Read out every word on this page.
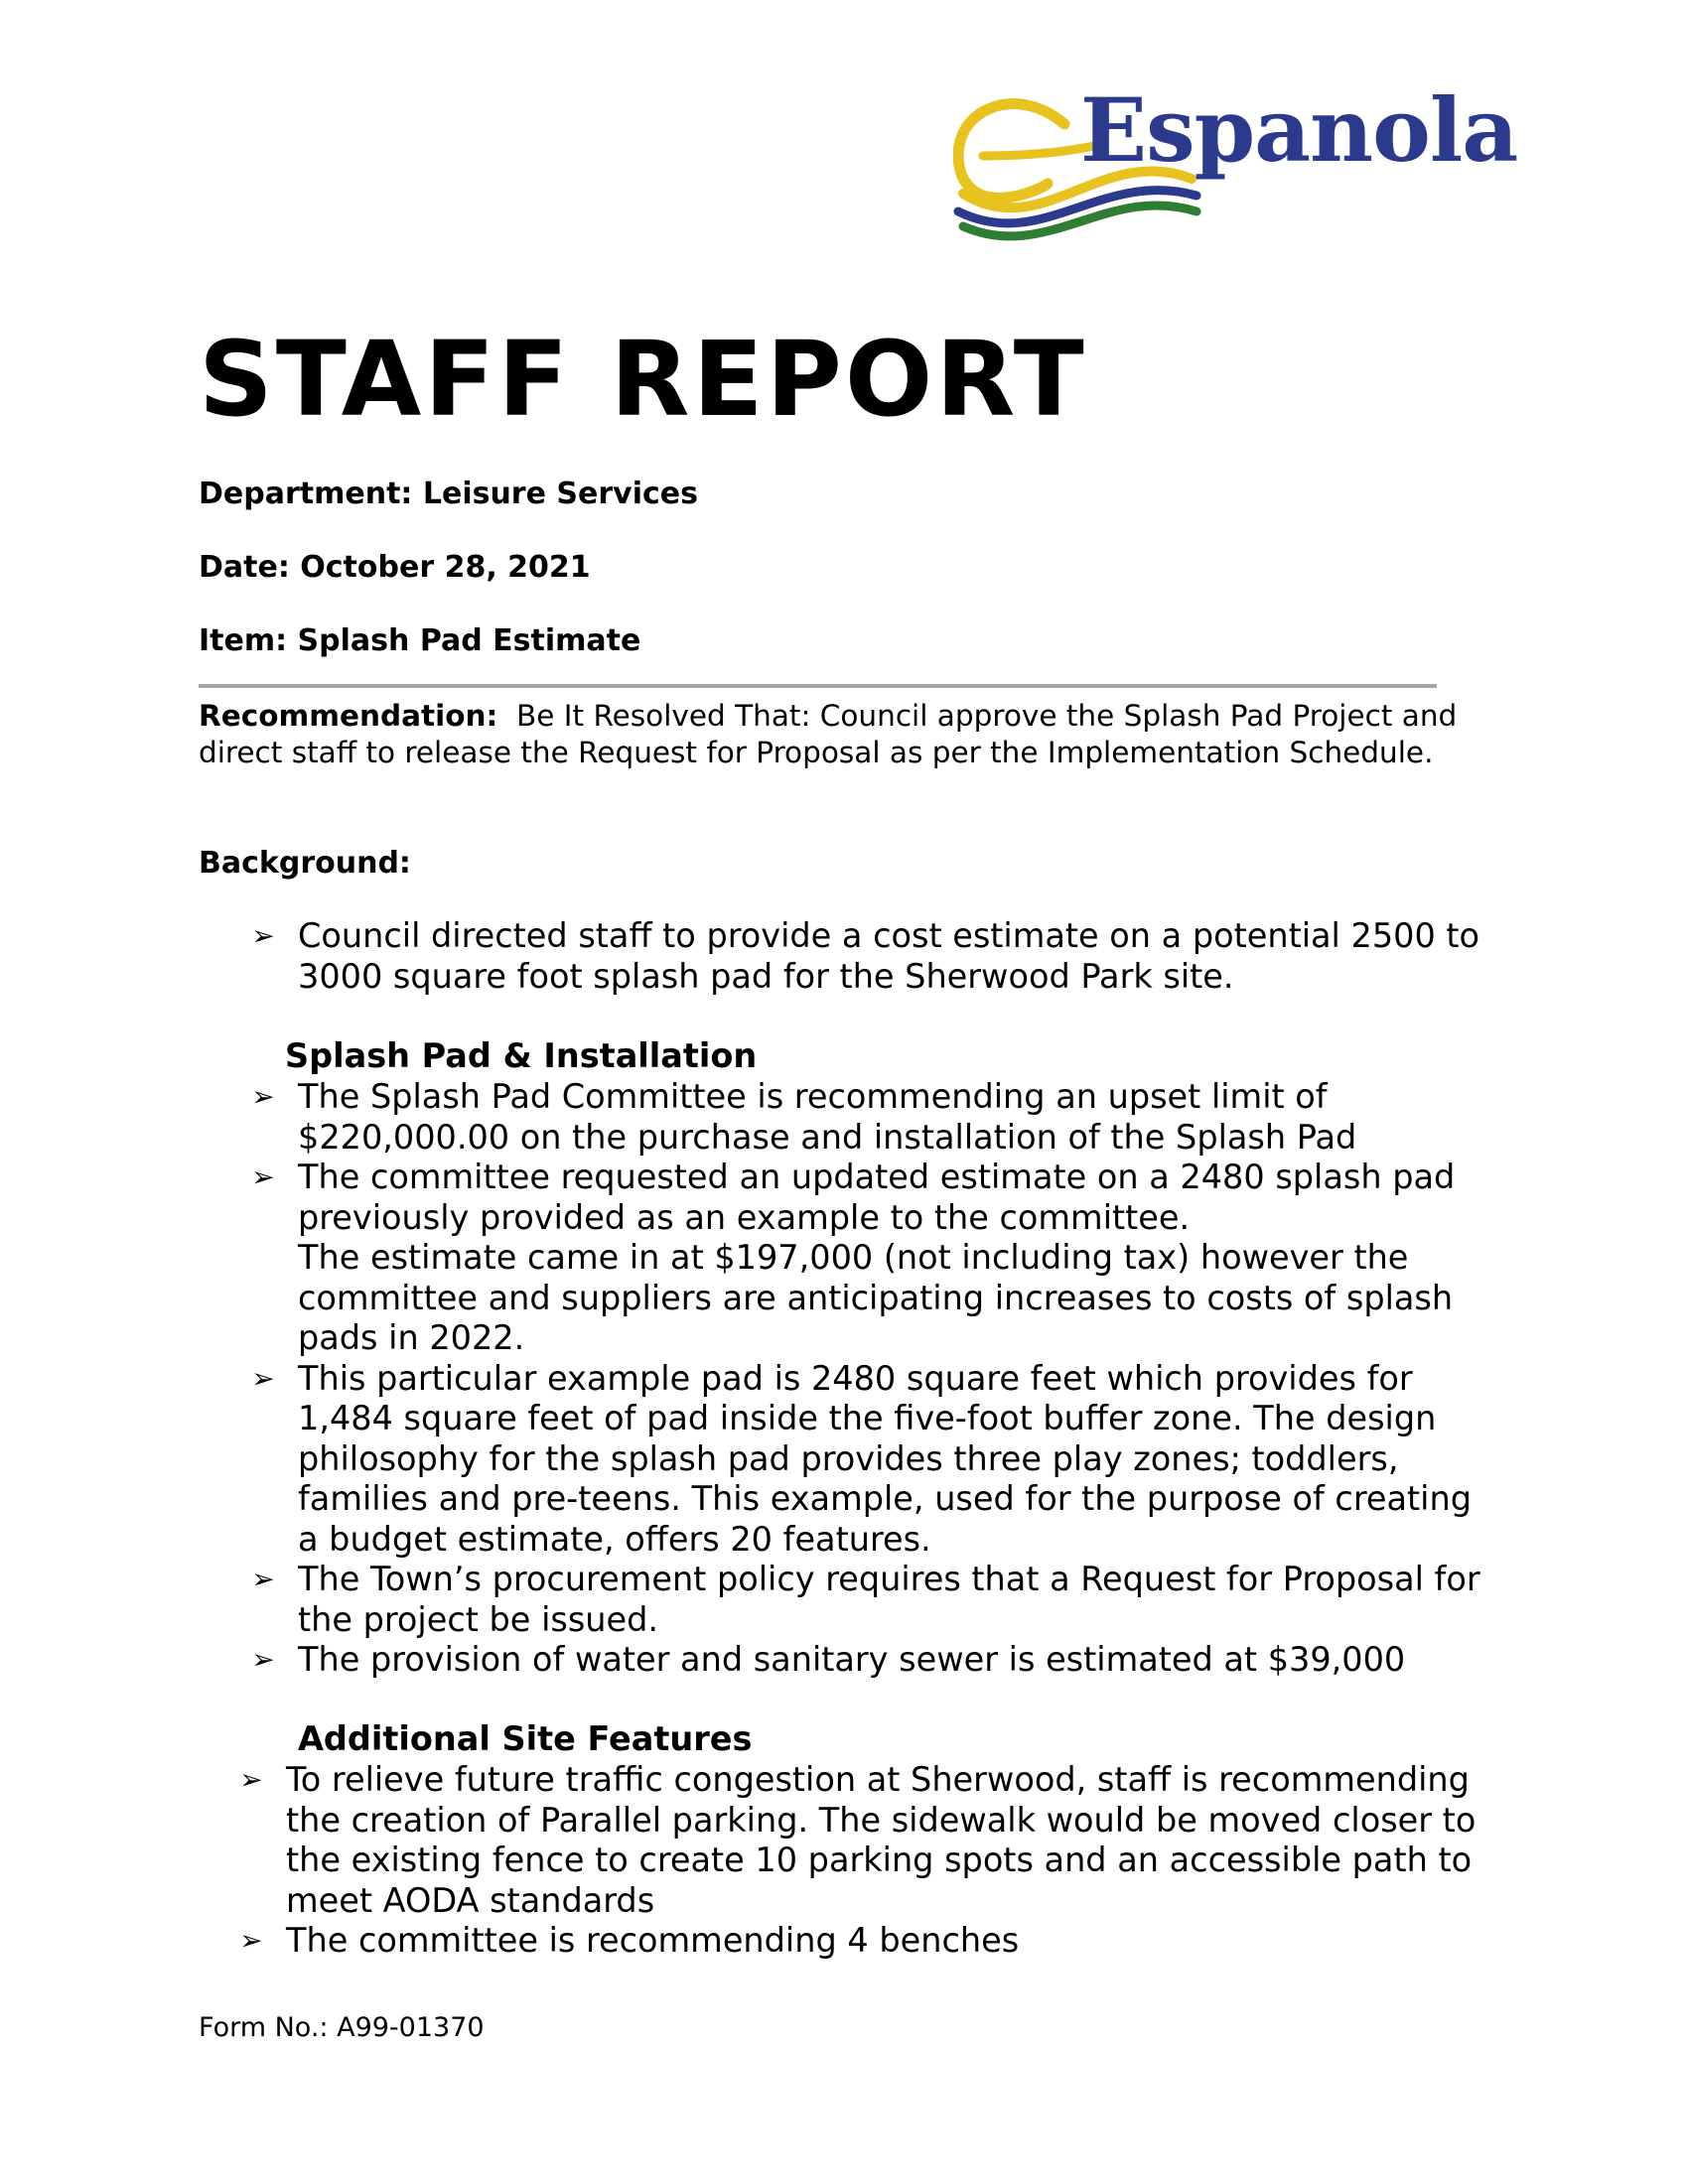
Espanola
STAFF REPORT
Department: Leisure Services
Date: October 28, 2021
Item: Splash Pad Estimate
Recommendation: Be It Resolved That: Council approve the Splash Pad Project and direct staff to release the Request for Proposal as per the Implementation Schedule.
Background:
➢ Council directed staff to provide a cost estimate on a potential 2500 to 3000 square foot splash pad for the Sherwood Park site.
Splash Pad & Installation
➢ The Splash Pad Committee is recommending an upset limit of $220,000.00 on the purchase and installation of the Splash Pad
➢ The committee requested an updated estimate on a 2480 splash pad previously provided as an example to the committee.
The estimate came in at $197,000 (not including tax) however the committee and suppliers are anticipating increases to costs of splash pads in 2022.
➢ This particular example pad is 2480 square feet which provides for 1,484 square feet of pad inside the five-foot buffer zone. The design philosophy for the splash pad provides three play zones; toddlers, families and pre-teens. This example, used for the purpose of creating a budget estimate, offers 20 features.
➢ The Town’s procurement policy requires that a Request for Proposal for the project be issued.
➢ The provision of water and sanitary sewer is estimated at $39,000
Additional Site Features
➢ To relieve future traffic congestion at Sherwood, staff is recommending the creation of Parallel parking. The sidewalk would be moved closer to the existing fence to create 10 parking spots and an accessible path to meet AODA standards
➢ The committee is recommending 4 benches
Form No.: A99-01370
